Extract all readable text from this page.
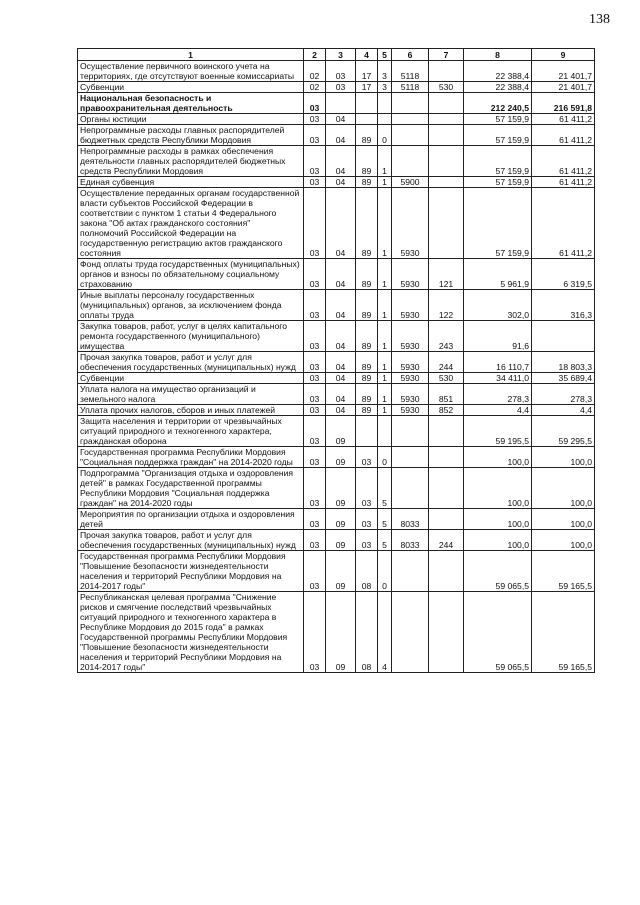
138
1	2	3	4	5	6	7	8	9
Осуществление первичного воинского учета на территориях, где отсутствуют военные комиссариаты	02	03	17	3	5118		22 388,4	21 401,7
Субвенции	02	03	17	3	5118	530	22 388,4	21 401,7
Национальная безопасность и правоохранительная деятельность	03						212 240,5	216 591,8
Органы юстиции	03	04					57 159,9	61 411,2
Непрограммные расходы главных распорядителей бюджетных средств Республики Мордовия	03	04	89	0			57 159,9	61 411,2
Непрограммные расходы в рамках обеспечения деятельности главных распорядителей бюджетных средств Республики Мордовия	03	04	89	1			57 159,9	61 411,2
Единая субвенция	03	04	89	1	5900		57 159,9	61 411,2
Осуществление переданных органам государственной власти субъектов Российской Федерации в соответствии с пунктом 1 статьи 4 Федерального закона "Об актах гражданского состояния" полномочий Российской Федерации на государственную регистрацию актов гражданского состояния	03	04	89	1	5930		57 159,9	61 411,2
Фонд оплаты труда государственных (муниципальных) органов и взносы по обязательному социальному страхованию	03	04	89	1	5930	121	5 961,9	6 319,5
Иные выплаты персоналу государственных (муниципальных) органов, за исключением фонда оплаты труда	03	04	89	1	5930	122	302,0	316,3
Закупка товаров, работ, услуг в целях капитального ремонта государственного (муниципального) имущества	03	04	89	1	5930	243	91,6	
Прочая закупка товаров, работ и услуг для обеспечения государственных (муниципальных) нужд	03	04	89	1	5930	244	16 110,7	18 803,3
Субвенции	03	04	89	1	5930	530	34 411,0	35 689,4
Уплата налога на имущество организаций и земельного налога	03	04	89	1	5930	851	278,3	278,3
Уплата прочих налогов, сборов и иных платежей	03	04	89	1	5930	852	4,4	4,4
Защита населения и территории от чрезвычайных ситуаций природного и техногенного характера, гражданская оборона	03	09					59 195,5	59 295,5
Государственная программа Республики Мордовия "Социальная поддержка граждан" на 2014-2020 годы	03	09	03	0			100,0	100,0
Подпрограмма "Организация отдыха и оздоровления детей" в рамках Государственной программы Республики Мордовия "Социальная поддержка граждан" на 2014-2020 годы	03	09	03	5			100,0	100,0
Мероприятия по организации отдыха и оздоровления детей	03	09	03	5	8033		100,0	100,0
Прочая закупка товаров, работ и услуг для обеспечения государственных (муниципальных) нужд	03	09	03	5	8033	244	100,0	100,0
Государственная программа Республики Мордовия "Повышение безопасности жизнедеятельности населения и территорий Республики Мордовия на 2014-2017 годы"	03	09	08	0			59 065,5	59 165,5
Республиканская целевая программа "Снижение рисков и смягчение последствий чрезвычайных ситуаций природного и техногенного характера в Республике Мордовия до 2015 года" в рамках Государственной программы Республики Мордовия "Повышение безопасности жизнедеятельности населения и территорий Республики Мордовия на 2014-2017 годы"	03	09	08	4			59 065,5	59 165,5
